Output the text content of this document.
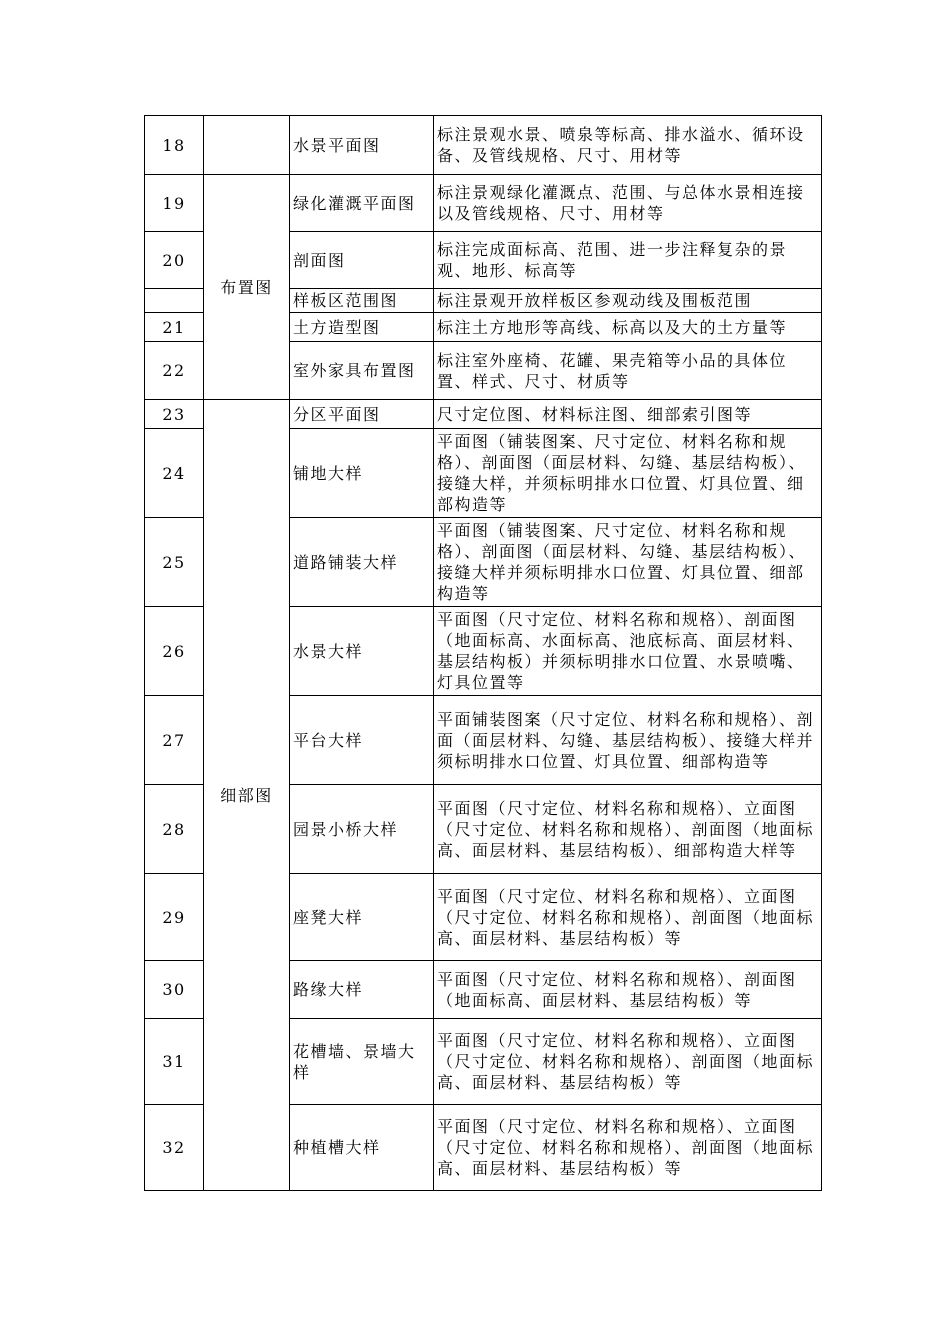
18		水景平面图	标注景观水景、喷泉等标高、排水溢水、循环设备、及管线规格、尺寸、用材等
19	布置图	绿化灌溉平面图	标注景观绿化灌溉点、范围、与总体水景相连接以及管线规格、尺寸、用材等
20		剖面图	标注完成面标高、范围、进一步注释复杂的景观、地形、标高等
		样板区范围图	标注景观开放样板区参观动线及围板范围
21		土方造型图	标注土方地形等高线、标高以及大的土方量等
22		室外家具布置图	标注室外座椅、花罐、果壳箱等小品的具体位置、样式、尺寸、材质等
23	细部图	分区平面图	尺寸定位图、材料标注图、细部索引图等
24		铺地大样	平面图（铺装图案、尺寸定位、材料名称和规格）、剖面图（面层材料、勾缝、基层结构板）、接缝大样，并须标明排水口位置、灯具位置、细部构造等
25		道路铺装大样	平面图（铺装图案、尺寸定位、材料名称和规格）、剖面图（面层材料、勾缝、基层结构板）、接缝大样并须标明排水口位置、灯具位置、细部构造等
26		水景大样	平面图（尺寸定位、材料名称和规格）、剖面图（地面标高、水面标高、池底标高、面层材料、基层结构板）并须标明排水口位置、水景喷嘴、灯具位置等
27		平台大样	平面铺装图案（尺寸定位、材料名称和规格）、剖面（面层材料、勾缝、基层结构板）、接缝大样并须标明排水口位置、灯具位置、细部构造等
28		园景小桥大样	平面图（尺寸定位、材料名称和规格）、立面图（尺寸定位、材料名称和规格）、剖面图（地面标高、面层材料、基层结构板）、细部构造大样等
29		座凳大样	平面图（尺寸定位、材料名称和规格）、立面图（尺寸定位、材料名称和规格）、剖面图（地面标高、面层材料、基层结构板）等
30		路缘大样	平面图（尺寸定位、材料名称和规格）、剖面图（地面标高、面层材料、基层结构板）等
31		花槽墙、景墙大样	平面图（尺寸定位、材料名称和规格）、立面图（尺寸定位、材料名称和规格）、剖面图（地面标高、面层材料、基层结构板）等
32		种植槽大样	平面图（尺寸定位、材料名称和规格）、立面图（尺寸定位、材料名称和规格）、剖面图（地面标高、面层材料、基层结构板）等
